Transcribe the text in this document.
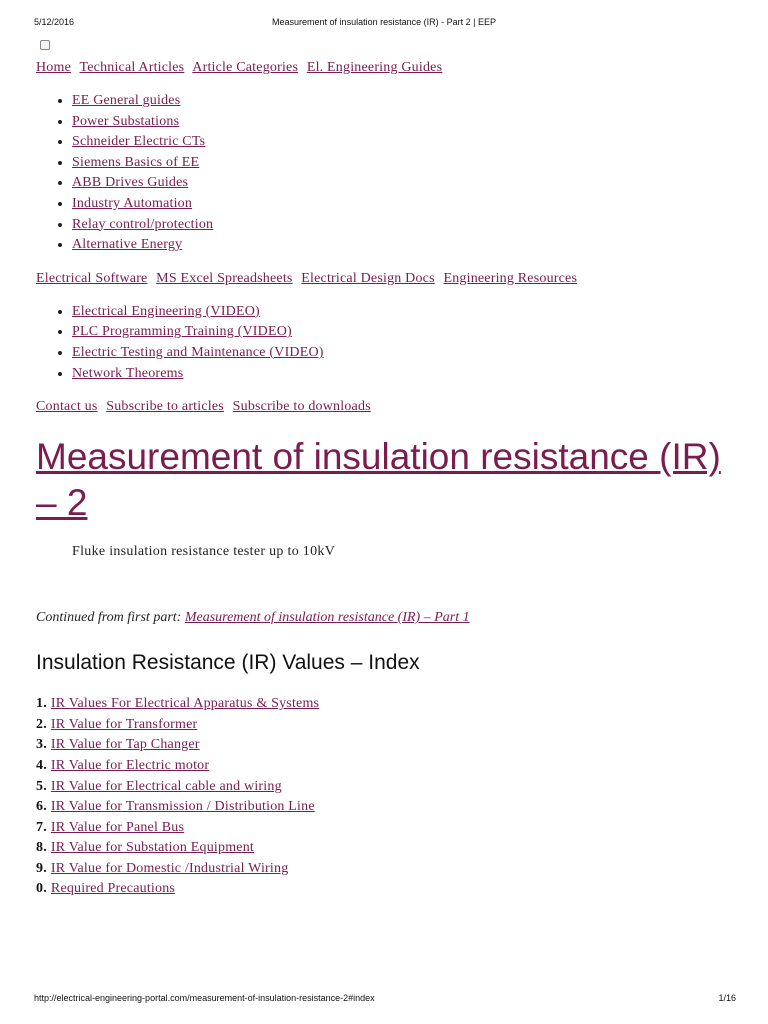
5/12/2016	Measurement of insulation resistance (IR) - Part 2 | EEP
Home Technical Articles Article Categories El. Engineering Guides
• EE General guides
• Power Substations
• Schneider Electric CTs
• Siemens Basics of EE
• ABB Drives Guides
• Industry Automation
• Relay control/protection
• Alternative Energy
Electrical Software MS Excel Spreadsheets Electrical Design Docs Engineering Resources
• Electrical Engineering (VIDEO)
• PLC Programming Training (VIDEO)
• Electric Testing and Maintenance (VIDEO)
• Network Theorems
Contact us Subscribe to articles Subscribe to downloads
Measurement of insulation resistance (IR) – 2
Fluke insulation resistance tester up to 10kV
Continued from first part: Measurement of insulation resistance (IR) – Part 1
Insulation Resistance (IR) Values – Index
1. IR Values For Electrical Apparatus & Systems
2. IR Value for Transformer
3. IR Value for Tap Changer
4. IR Value for Electric motor
5. IR Value for Electrical cable and wiring
6. IR Value for Transmission / Distribution Line
7. IR Value for Panel Bus
8. IR Value for Substation Equipment
9. IR Value for Domestic /Industrial Wiring
0. Required Precautions
http://electrical-engineering-portal.com/measurement-of-insulation-resistance-2#index	1/16
